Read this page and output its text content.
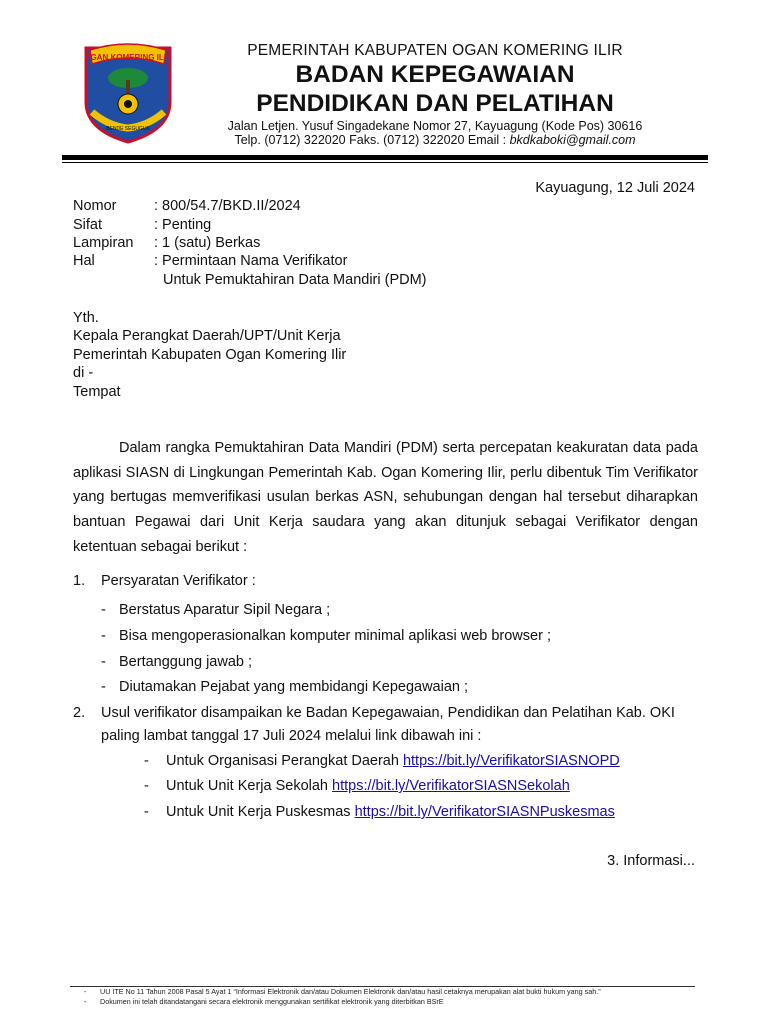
OGAN KOMERING ILIR
BENDE SEGUGUK
PEMERINTAH KABUPATEN OGAN KOMERING ILIR
BADAN KEPEGAWAIAN
PENDIDIKAN DAN PELATIHAN
Jalan Letjen. Yusuf Singadekane Nomor 27, Kayuagung (Kode Pos) 30616
Telp. (0712) 322020 Faks. (0712) 322020 Email : bkdkaboki@gmail.com
Kayuagung, 12 Juli 2024
Nomor	: 800/54.7/BKD.II/2024
Sifat	: Penting
Lampiran : 1 (satu) Berkas
Hal	: Permintaan Nama Verifikator
Untuk Pemuktahiran Data Mandiri (PDM)
Yth.
Kepala Perangkat Daerah/UPT/Unit Kerja
Pemerintah Kabupaten Ogan Komering Ilir
di -
Tempat
Dalam rangka Pemuktahiran Data Mandiri (PDM) serta percepatan keakuratan data pada aplikasi SIASN di Lingkungan Pemerintah Kab. Ogan Komering Ilir, perlu dibentuk Tim Verifikator yang bertugas memverifikasi usulan berkas ASN, sehubungan dengan hal tersebut diharapkan bantuan Pegawai dari Unit Kerja saudara yang akan ditunjuk sebagai Verifikator dengan ketentuan sebagai berikut :
1. Persyaratan Verifikator :
- Berstatus Aparatur Sipil Negara ;
- Bisa mengoperasionalkan komputer minimal aplikasi web browser ;
- Bertanggung jawab ;
- Diutamakan Pejabat yang membidangi Kepegawaian ;
2. Usul verifikator disampaikan ke Badan Kepegawaian, Pendidikan dan Pelatihan Kab. OKI
paling lambat tanggal 17 Juli 2024 melalui link dibawah ini :
- Untuk Organisasi Perangkat Daerah https://bit.ly/VerifikatorSIASNOPD
- Untuk Unit Kerja Sekolah https://bit.ly/VerifikatorSIASNSekolah
- Untuk Unit Kerja Puskesmas https://bit.ly/VerifikatorSIASNPuskesmas
3. Informasi...
- UU ITE No 11 Tahun 2008 Pasal 5 Ayat 1 “Informasi Elektronik dan/atau Dokumen Elektronik dan/atau hasil cetaknya merupakan alat bukti hukum yang sah.”
- Dokumen ini telah ditandatangani secara elektronik menggunakan sertifikat elektronik yang diterbitkan BSrE
